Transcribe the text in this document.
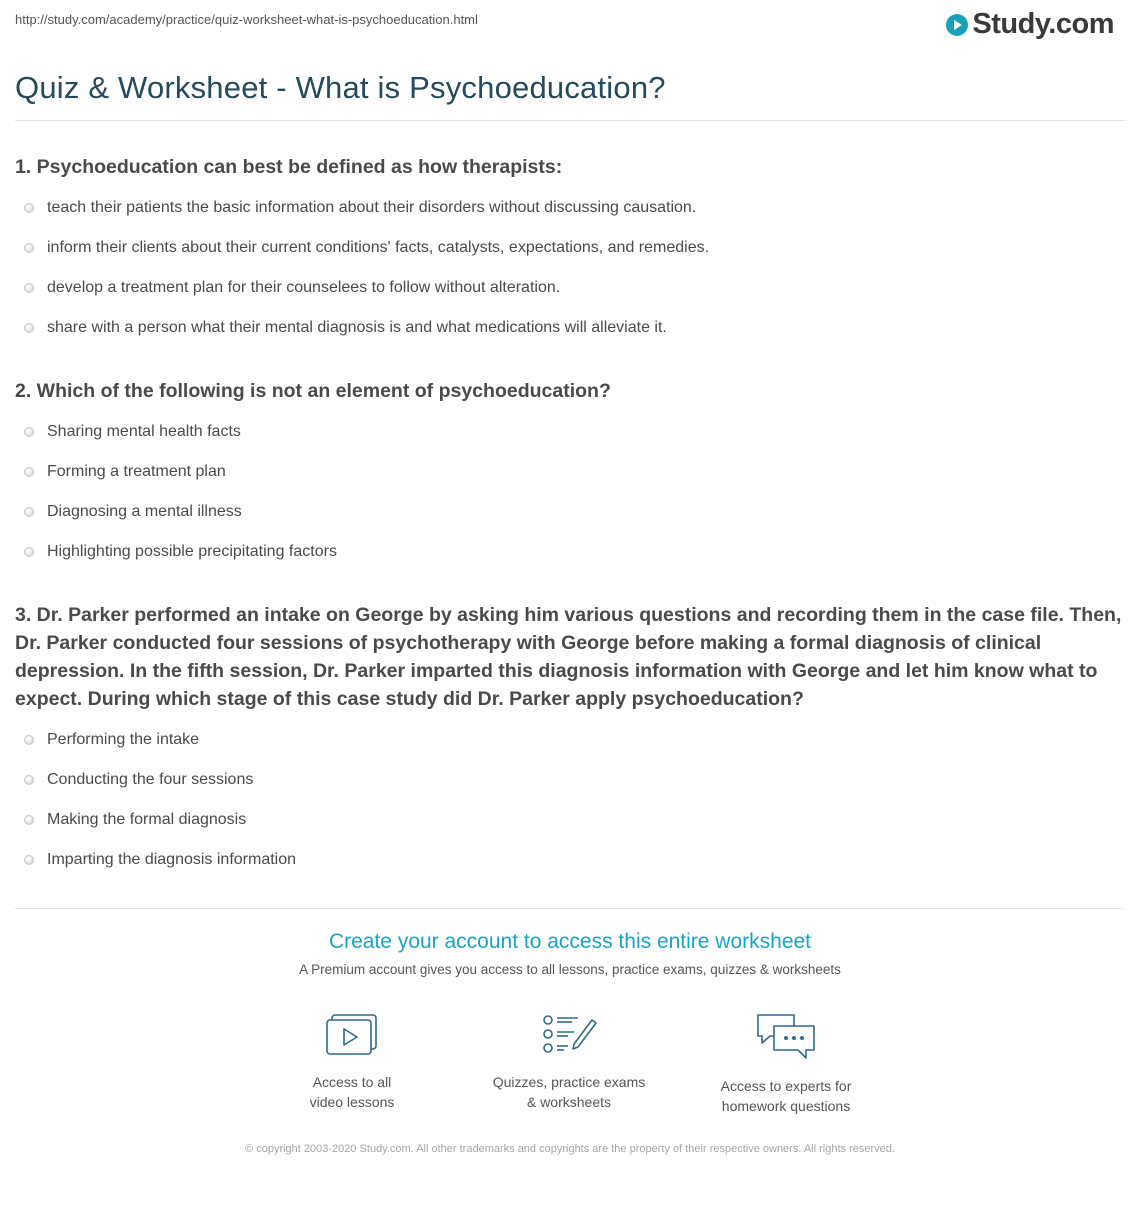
http://study.com/academy/practice/quiz-worksheet-what-is-psychoeducation.html	Study.com
Quiz & Worksheet - What is Psychoeducation?
1. Psychoeducation can best be defined as how therapists:
teach their patients the basic information about their disorders without discussing causation.
inform their clients about their current conditions' facts, catalysts, expectations, and remedies.
develop a treatment plan for their counselees to follow without alteration.
share with a person what their mental diagnosis is and what medications will alleviate it.
2. Which of the following is not an element of psychoeducation?
Sharing mental health facts
Forming a treatment plan
Diagnosing a mental illness
Highlighting possible precipitating factors
3. Dr. Parker performed an intake on George by asking him various questions and recording them in the case file. Then, Dr. Parker conducted four sessions of psychotherapy with George before making a formal diagnosis of clinical depression. In the fifth session, Dr. Parker imparted this diagnosis information with George and let him know what to expect. During which stage of this case study did Dr. Parker apply psychoeducation?
Performing the intake
Conducting the four sessions
Making the formal diagnosis
Imparting the diagnosis information
Create your account to access this entire worksheet
A Premium account gives you access to all lessons, practice exams, quizzes & worksheets
Access to all
video lessons
Quizzes, practice exams
& worksheets
Access to experts for
homework questions
© copyright 2003-2020 Study.com. All other trademarks and copyrights are the property of their respective owners. All rights reserved.
